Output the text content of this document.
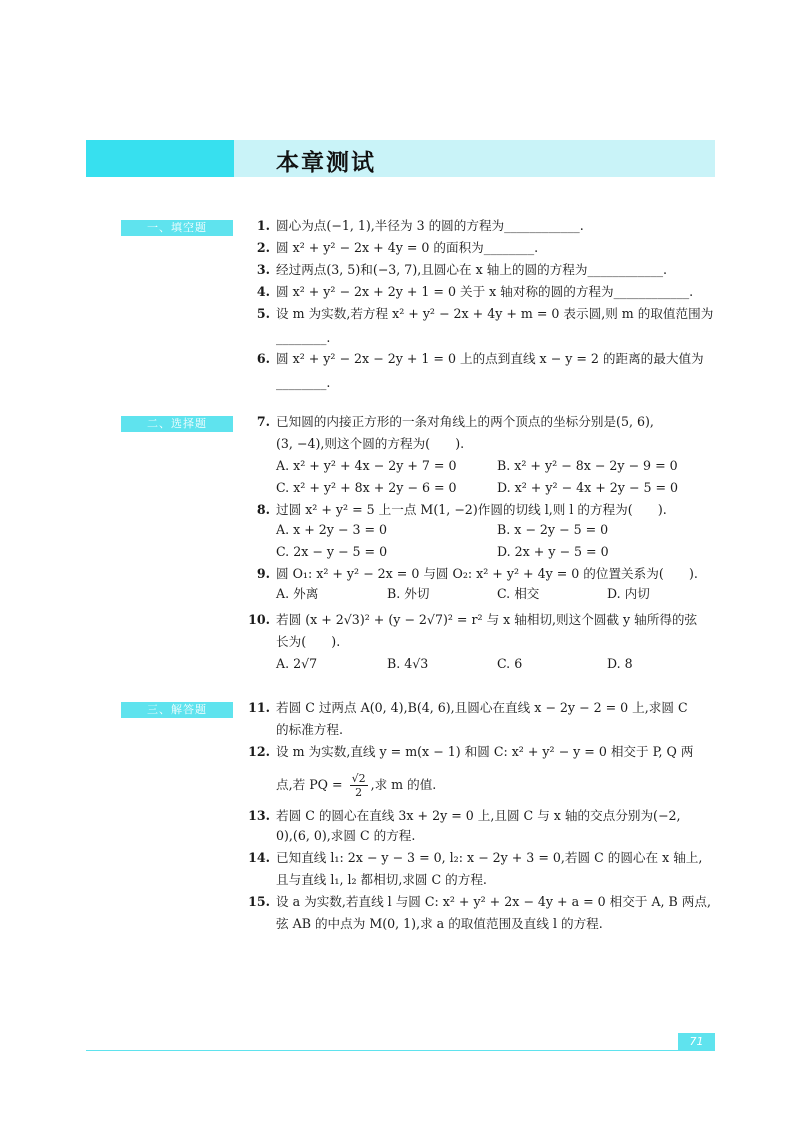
本章测试
一、填空题	1. 圆心为点(−1, 1),半径为 3 的圆的方程为____________.
2. 圆 x² + y² − 2x + 4y = 0 的面积为________.
3. 经过两点(3, 5)和(−3, 7),且圆心在 x 轴上的圆的方程为____________.
4. 圆 x² + y² − 2x + 2y + 1 = 0 关于 x 轴对称的圆的方程为____________.
5. 设 m 为实数,若方程 x² + y² − 2x + 4y + m = 0 表示圆,则 m 的取值范围为
________.
6. 圆 x² + y² − 2x − 2y + 1 = 0 上的点到直线 x − y = 2 的距离的最大值为
________.
二、选择题	7. 已知圆的内接正方形的一条对角线上的两个顶点的坐标分别是(5, 6),
(3, −4),则这个圆的方程为(　　).
A. x² + y² + 4x − 2y + 7 = 0	B. x² + y² − 8x − 2y − 9 = 0
C. x² + y² + 8x + 2y − 6 = 0	D. x² + y² − 4x + 2y − 5 = 0
8. 过圆 x² + y² = 5 上一点 M(1, −2)作圆的切线 l,则 l 的方程为(　　).
A. x + 2y − 3 = 0	B. x − 2y − 5 = 0
C. 2x − y − 5 = 0	D. 2x + y − 5 = 0
9. 圆 O₁: x² + y² − 2x = 0 与圆 O₂: x² + y² + 4y = 0 的位置关系为(　　).
A. 外离	B. 外切	C. 相交	D. 内切
10. 若圆 (x + 2√3)² + (y − 2√7)² = r² 与 x 轴相切,则这个圆截 y 轴所得的弦
长为(　　).
A. 2√7	B. 4√3	C. 6	D. 8
三、解答题	11. 若圆 C 过两点 A(0, 4),B(4, 6),且圆心在直线 x − 2y − 2 = 0 上,求圆 C
的标准方程.
12. 设 m 为实数,直线 y = m(x − 1) 和圆 C: x² + y² − y = 0 相交于 P, Q 两
点,若 PQ = $\frac{√2}{2}$ ,求 m 的值.
13. 若圆 C 的圆心在直线 3x + 2y = 0 上,且圆 C 与 x 轴的交点分别为(−2,
0),(6, 0),求圆 C 的方程.
14. 已知直线 l₁: 2x − y − 3 = 0, l₂: x − 2y + 3 = 0,若圆 C 的圆心在 x 轴上,
且与直线 l₁, l₂ 都相切,求圆 C 的方程.
15. 设 a 为实数,若直线 l 与圆 C: x² + y² + 2x − 4y + a = 0 相交于 A, B 两点,
弦 AB 的中点为 M(0, 1),求 a 的取值范围及直线 l 的方程.
71
